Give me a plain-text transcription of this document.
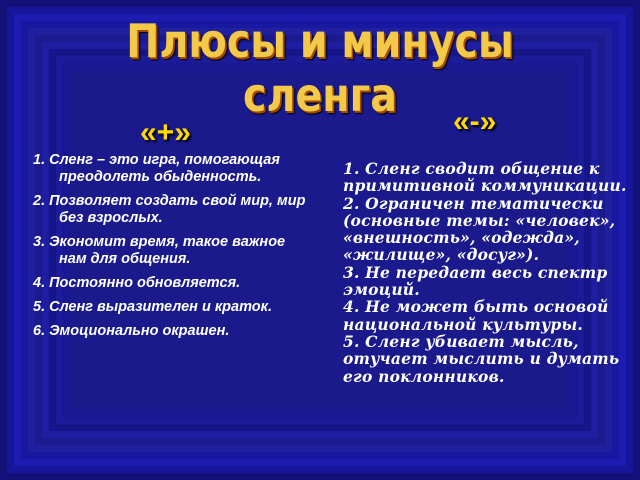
Плюсы и минусы сленга
«+»	«-»
1. Сленг – это игра, помогающая преодолеть обыденность.
2. Позволяет создать свой мир, мир без взрослых.
3. Экономит время, такое важное нам для общения.
4. Постоянно обновляется.
5. Сленг выразителен и краток.
6. Эмоционально окрашен.
1. Сленг сводит общение к примитивной коммуникации.
2. Ограничен тематически (основные темы: «человек», «внешность», «одежда», «жилище», «досуг»).
3. Не передает весь спектр эмоций.
4. Не может быть основой национальной культуры.
5. Сленг убивает мысль, отучает мыслить и думать его поклонников.
